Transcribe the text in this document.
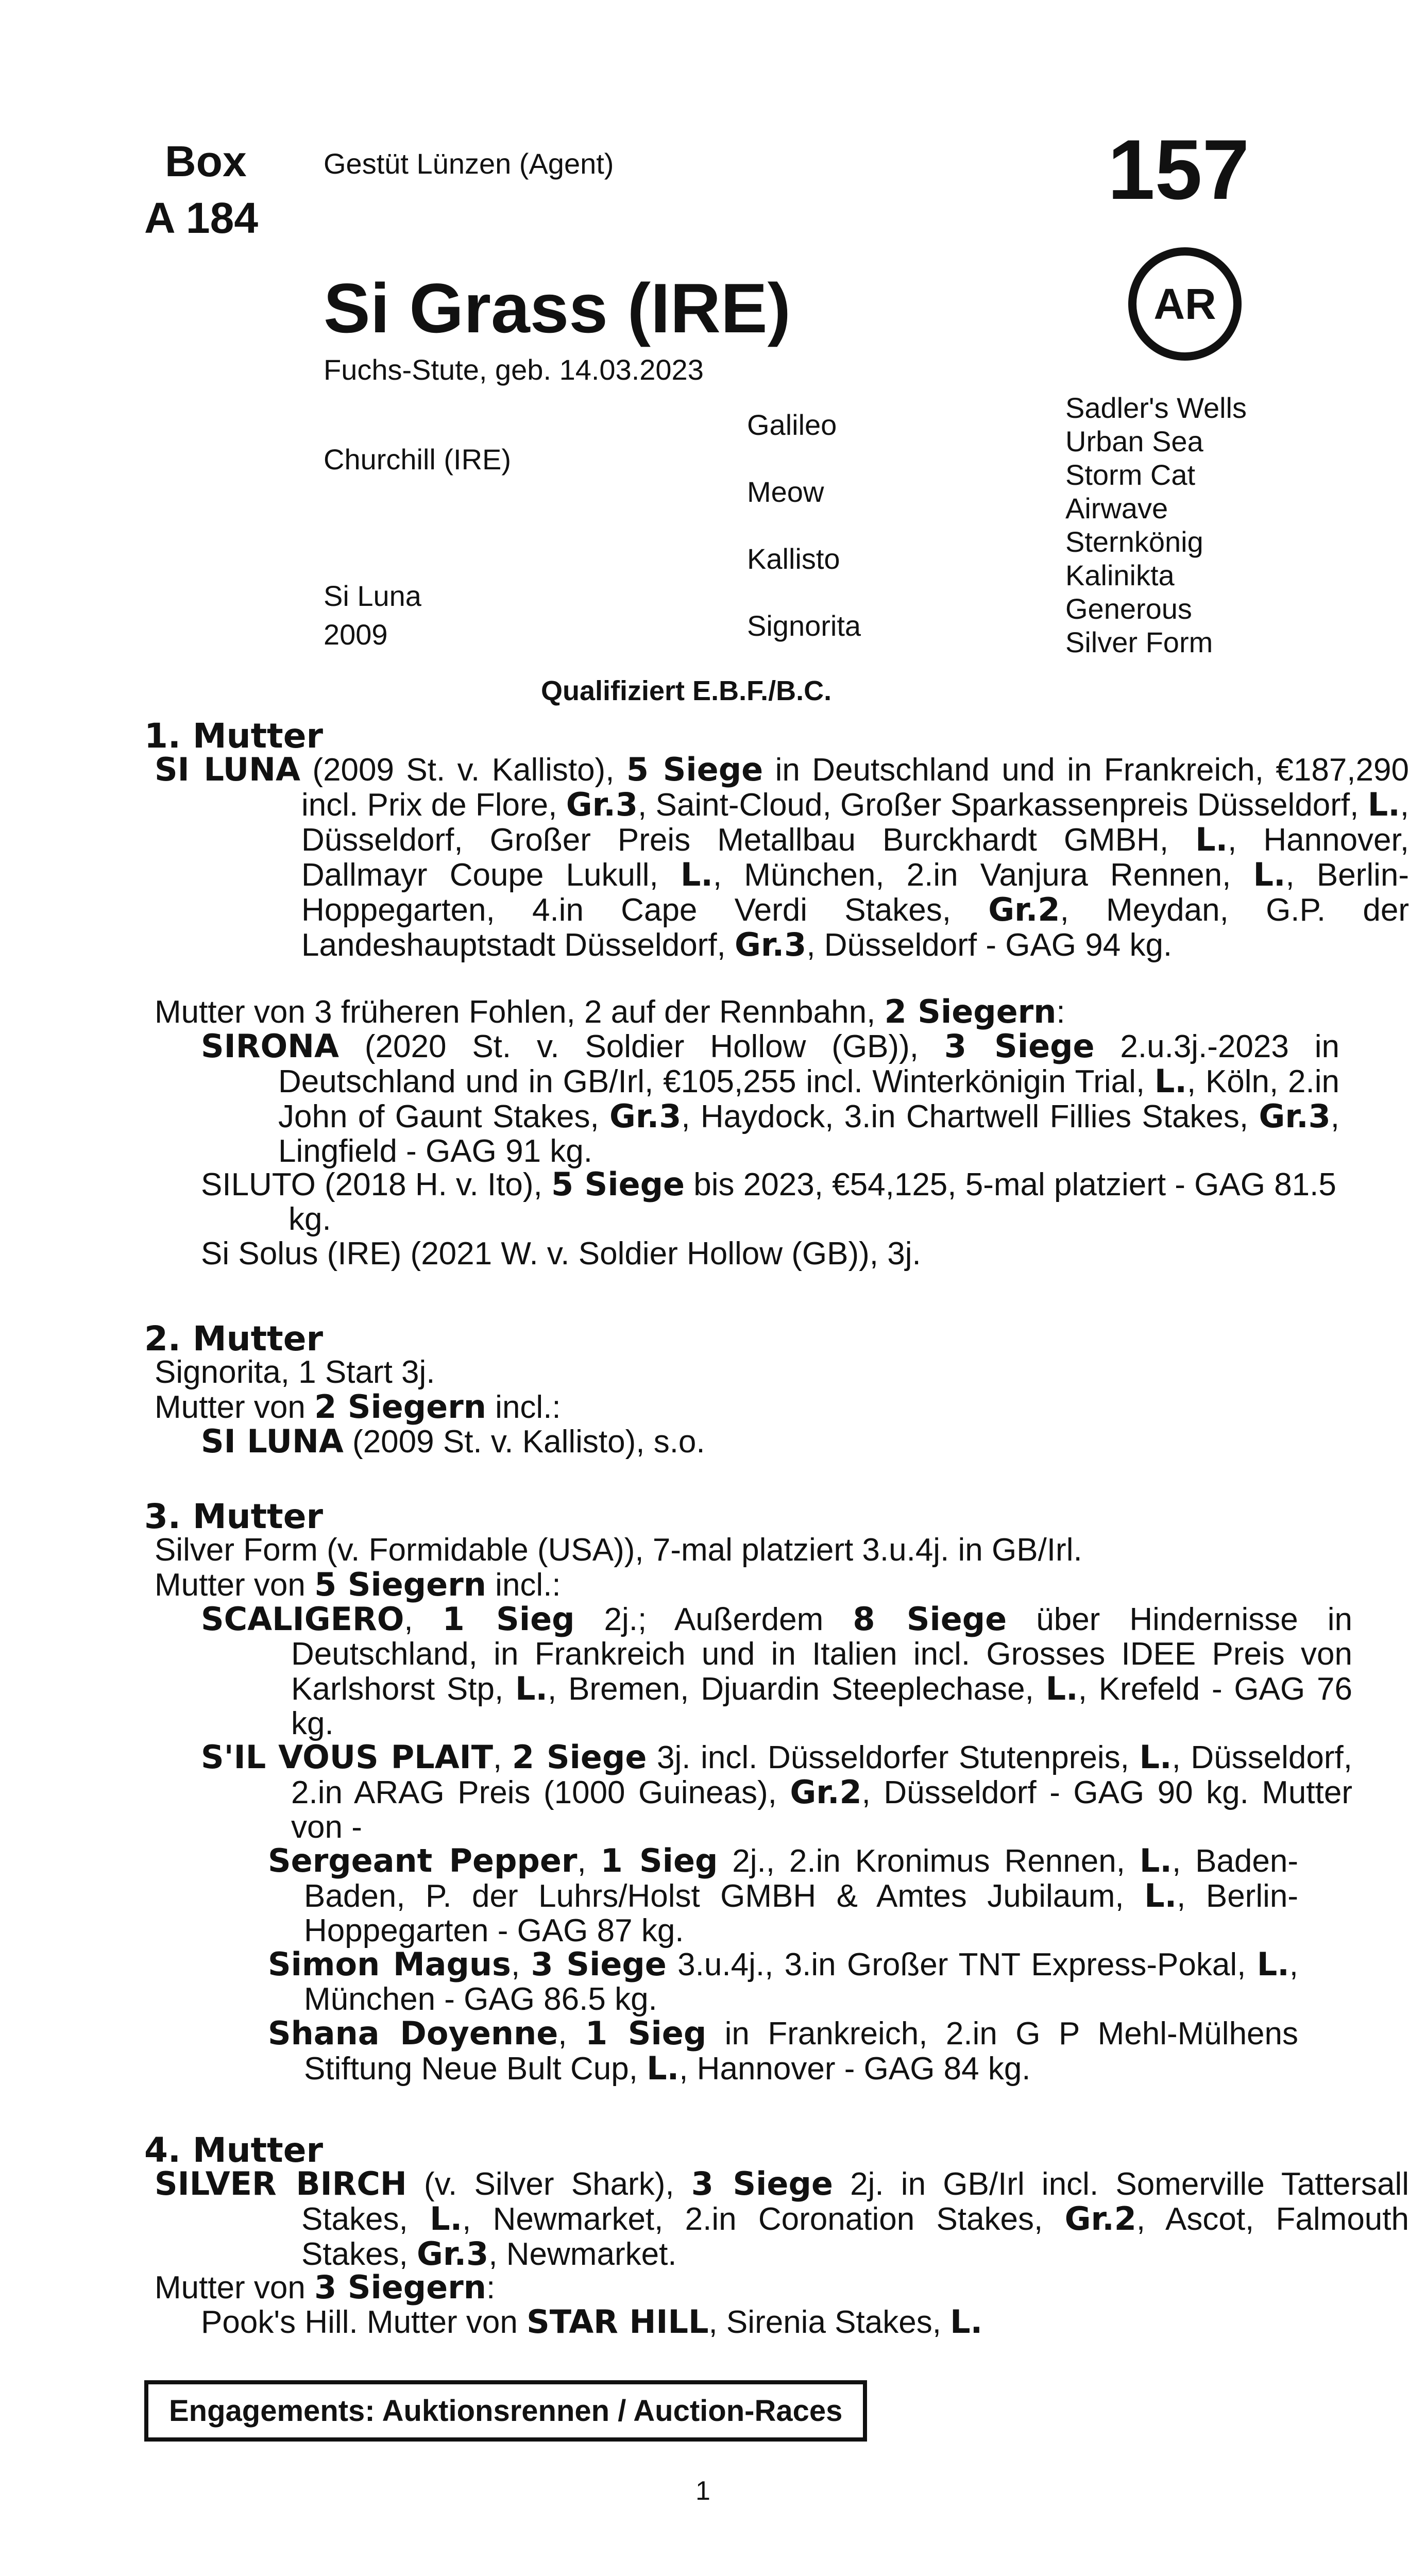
Box
A 184
Gestüt Lünzen (Agent)	157
AR
Si Grass (IRE)
Fuchs-Stute, geb. 14.03.2023
Churchill (IRE)
Si Luna
2009
Galileo
Meow
Kallisto
Signorita
Sadler's Wells
Urban Sea
Storm Cat
Airwave
Sternkönig
Kalinikta
Generous
Silver Form
Qualifiziert E.B.F./B.C.
1. Mutter
SI LUNA (2009 St. v. Kallisto), 5 Siege in Deutschland und in Frankreich, €187,290 incl. Prix de Flore, Gr.3, Saint-Cloud, Großer Sparkassenpreis Düsseldorf, L., Düsseldorf, Großer Preis Metallbau Burckhardt GMBH, L., Hannover, Dallmayr Coupe Lukull, L., München, 2.in Vanjura Rennen, L., Berlin-Hoppegarten, 4.in Cape Verdi Stakes, Gr.2, Meydan, G.P. der Landeshauptstadt Düsseldorf, Gr.3, Düsseldorf - GAG 94 kg.
Mutter von 3 früheren Fohlen, 2 auf der Rennbahn, 2 Siegern:
SIRONA (2020 St. v. Soldier Hollow (GB)), 3 Siege 2.u.3j.-2023 in Deutschland und in GB/Irl, €105,255 incl. Winterkönigin Trial, L., Köln, 2.in John of Gaunt Stakes, Gr.3, Haydock, 3.in Chartwell Fillies Stakes, Gr.3, Lingfield - GAG 91 kg.
SILUTO (2018 H. v. Ito), 5 Siege bis 2023, €54,125, 5-mal platziert - GAG 81.5 kg.
Si Solus (IRE) (2021 W. v. Soldier Hollow (GB)), 3j.
2. Mutter
Signorita, 1 Start 3j.
Mutter von 2 Siegern incl.:
SI LUNA (2009 St. v. Kallisto), s.o.
3. Mutter
Silver Form (v. Formidable (USA)), 7-mal platziert 3.u.4j. in GB/Irl.
Mutter von 5 Siegern incl.:
SCALIGERO, 1 Sieg 2j.; Außerdem 8 Siege über Hindernisse in Deutschland, in Frankreich und in Italien incl. Grosses IDEE Preis von Karlshorst Stp, L., Bremen, Djuardin Steeplechase, L., Krefeld - GAG 76 kg.
S'IL VOUS PLAIT, 2 Siege 3j. incl. Düsseldorfer Stutenpreis, L., Düsseldorf, 2.in ARAG Preis (1000 Guineas), Gr.2, Düsseldorf - GAG 90 kg. Mutter von -
Sergeant Pepper, 1 Sieg 2j., 2.in Kronimus Rennen, L., Baden-Baden, P. der Luhrs/Holst GMBH & Amtes Jubilaum, L., Berlin-Hoppegarten - GAG 87 kg.
Simon Magus, 3 Siege 3.u.4j., 3.in Großer TNT Express-Pokal, L., München - GAG 86.5 kg.
Shana Doyenne, 1 Sieg in Frankreich, 2.in G P Mehl-Mülhens Stiftung Neue Bult Cup, L., Hannover - GAG 84 kg.
4. Mutter
SILVER BIRCH (v. Silver Shark), 3 Siege 2j. in GB/Irl incl. Somerville Tattersall Stakes, L., Newmarket, 2.in Coronation Stakes, Gr.2, Ascot, Falmouth Stakes, Gr.3, Newmarket.
Mutter von 3 Siegern:
Pook's Hill. Mutter von STAR HILL, Sirenia Stakes, L.
Engagements: Auktionsrennen / Auction-Races
1
